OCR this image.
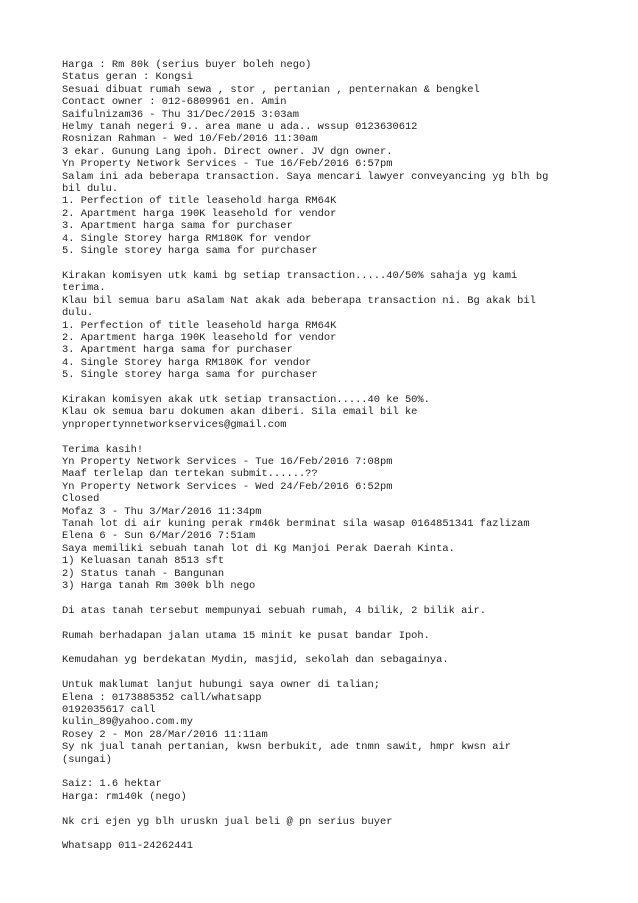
Harga : Rm 80k (serius buyer boleh nego)
Status geran : Kongsi
Sesuai dibuat rumah sewa , stor , pertanian , penternakan & bengkel
Contact owner : 012-6809961 en. Amin
Saifulnizam36 - Thu 31/Dec/2015 3:03am
Helmy tanah negeri 9.. area mane u ada.. wssup 0123630612
Rosnizan Rahman - Wed 10/Feb/2016 11:30am
3 ekar. Gunung Lang ipoh. Direct owner. JV dgn owner.
Yn Property Network Services - Tue 16/Feb/2016 6:57pm
Salam ini ada beberapa transaction. Saya mencari lawyer conveyancing yg blh bg
bil dulu.
1. Perfection of title leasehold harga RM64K
2. Apartment harga 190K leasehold for vendor
3. Apartment harga sama for purchaser
4. Single Storey harga RM180K for vendor
5. Single storey harga sama for purchaser
Kirakan komisyen utk kami bg setiap transaction.....40/50% sahaja yg kami
terima.
Klau bil semua baru aSalam Nat akak ada beberapa transaction ni. Bg akak bil
dulu.
1. Perfection of title leasehold harga RM64K
2. Apartment harga 190K leasehold for vendor
3. Apartment harga sama for purchaser
4. Single Storey harga RM180K for vendor
5. Single storey harga sama for purchaser
Kirakan komisyen akak utk setiap transaction.....40 ke 50%.
Klau ok semua baru dokumen akan diberi. Sila email bil ke
ynpropertynnetworkservices@gmail.com
Terima kasih!
Yn Property Network Services - Tue 16/Feb/2016 7:08pm
Maaf terlelap dan tertekan submit......??
Yn Property Network Services - Wed 24/Feb/2016 6:52pm
Closed
Mofaz 3 - Thu 3/Mar/2016 11:34pm
Tanah lot di air kuning perak rm46k berminat sila wasap 0164851341 fazlizam
Elena 6 - Sun 6/Mar/2016 7:51am
Saya memiliki sebuah tanah lot di Kg Manjoi Perak Daerah Kinta.
1) Keluasan tanah 8513 sft
2) Status tanah - Bangunan
3) Harga tanah Rm 300k blh nego
Di atas tanah tersebut mempunyai sebuah rumah, 4 bilik, 2 bilik air.
Rumah berhadapan jalan utama 15 minit ke pusat bandar Ipoh.
Kemudahan yg berdekatan Mydin, masjid, sekolah dan sebagainya.
Untuk maklumat lanjut hubungi saya owner di talian;
Elena : 0173885352 call/whatsapp
0192035617 call
kulin_89@yahoo.com.my
Rosey 2 - Mon 28/Mar/2016 11:11am
Sy nk jual tanah pertanian, kwsn berbukit, ade tnmn sawit, hmpr kwsn air
(sungai)
Saiz: 1.6 hektar
Harga: rm140k (nego)
Nk cri ejen yg blh uruskn jual beli @ pn serius buyer
Whatsapp 011-24262441
